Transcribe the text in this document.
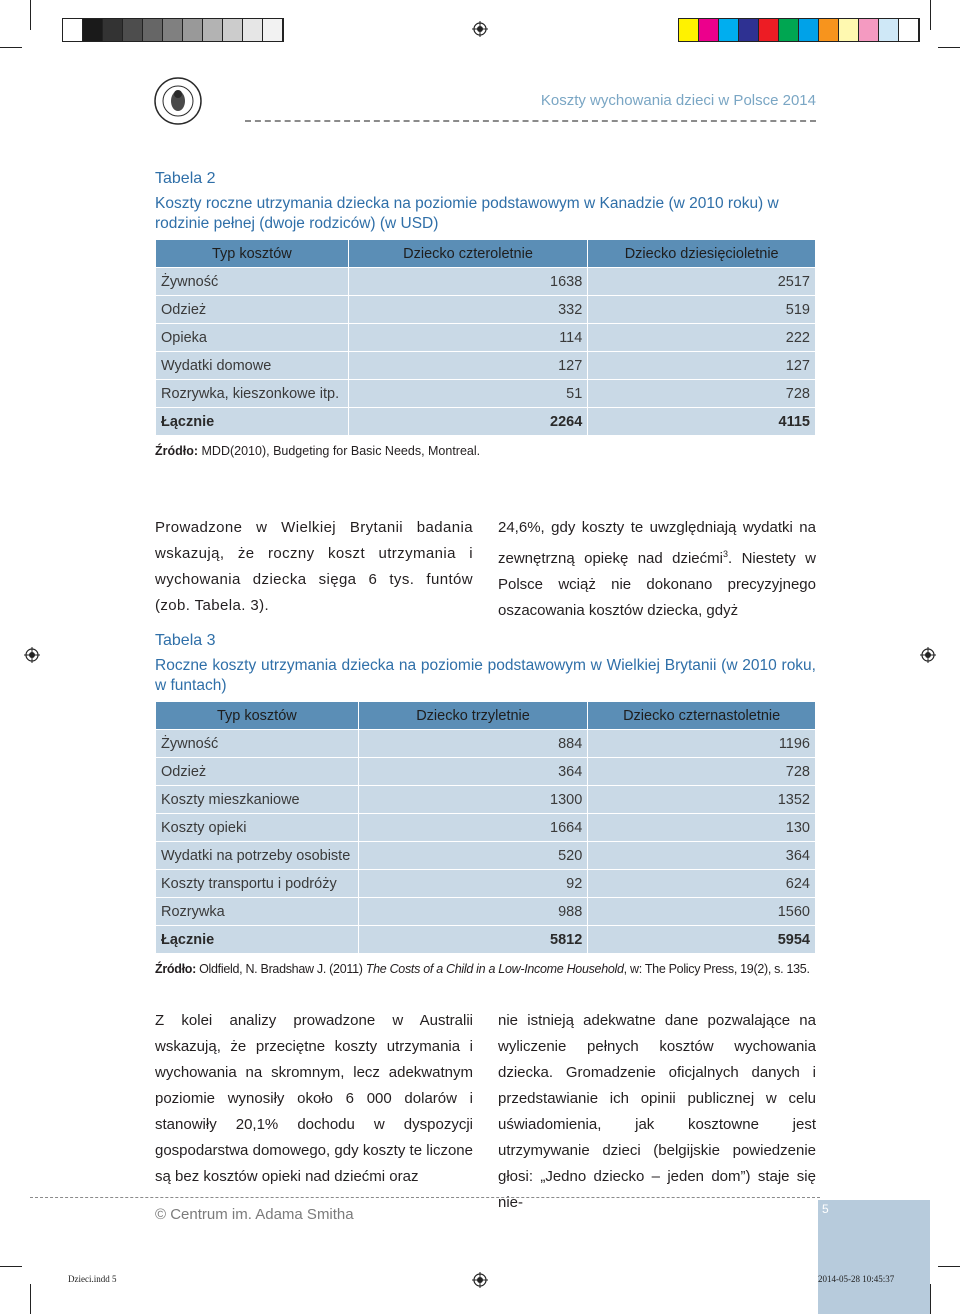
Koszty wychowania dzieci w Polsce 2014
Tabela 2
Koszty roczne utrzymania dziecka na poziomie podstawowym w Kanadzie (w 2010 roku) w rodzinie pełnej (dwoje rodziców) (w USD)
Typ kosztów	Dziecko czteroletnie	Dziecko dziesięcioletnie
Żywność	1638	2517
Odzież	332	519
Opieka	114	222
Wydatki domowe	127	127
Rozrywka, kieszonkowe itp.	51	728
Łącznie	2264	4115
Źródło: MDD(2010), Budgeting for Basic Needs, Montreal.

Prowadzone w Wielkiej Brytanii badania wskazują, że roczny koszt utrzymania i wychowania dziecka sięga 6 tys. funtów (zob. Tabela. 3).

24,6%, gdy koszty te uwzględniają wydatki na zewnętrzną opiekę nad dziećmi$^3$. Niestety w Polsce wciąż nie dokonano precyzyjnego oszacowania kosztów dziecka, gdyż

Tabela 3
Roczne koszty utrzymania dziecka na poziomie podstawowym w Wielkiej Brytanii (w 2010 roku, w funtach)
Typ kosztów	Dziecko trzyletnie	Dziecko czternastoletnie
Żywność	884	1196
Odzież	364	728
Koszty mieszkaniowe	1300	1352
Koszty opieki	1664	130
Wydatki na potrzeby osobiste	520	364
Koszty transportu i podróży	92	624
Rozrywka	988	1560
Łącznie	5812	5954
Źródło: Oldfield, N. Bradshaw J. (2011) The Costs of a Child in a Low-Income Household, w: The Policy Press, 19(2), s. 135.

Z kolei analizy prowadzone w Australii wskazują, że przeciętne koszty utrzymania i wychowania na skromnym, lecz adekwatnym poziomie wynosiły około 6 000 dolarów i stanowiły 20,1% dochodu w dyspozycji gospodarstwa domowego, gdy koszty te liczone są bez kosztów opieki nad dziećmi oraz

nie istnieją adekwatne dane pozwalające na wyliczenie pełnych kosztów wychowania dziecka. Gromadzenie oficjalnych danych i przedstawianie ich opinii publicznej w celu uświadomienia, jak kosztowne jest utrzymywanie dzieci (belgijskie powiedzenie głosi: „Jedno dziecko – jeden dom”) staje się nie-

© Centrum im. Adama Smitha	5
Dzieci.indd 5	2014-05-28 10:45:37
